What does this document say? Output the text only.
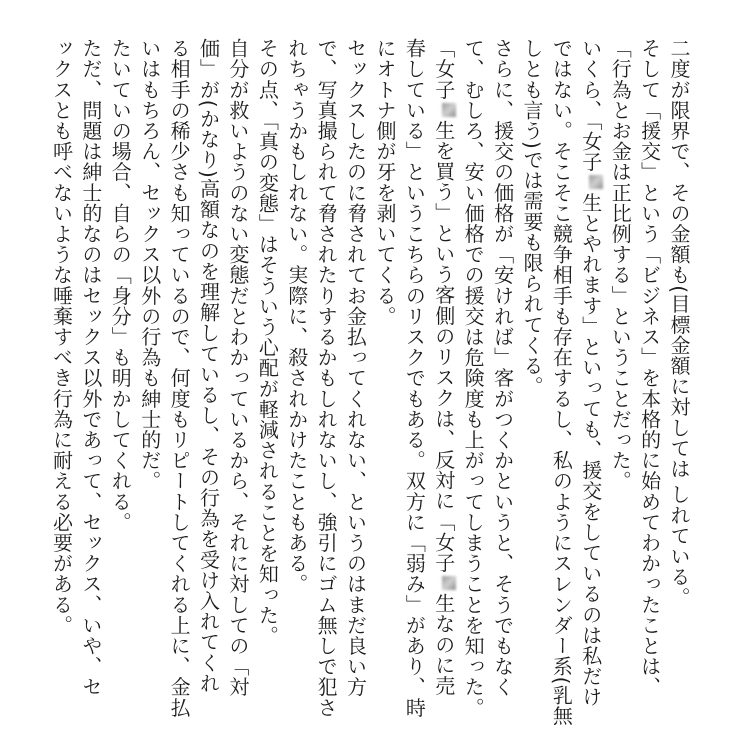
二度が限界で、その金額も(目標金額に対しては しれている。
そして「援交」という「ビジネス」を本格的に始めてわかったことは、
「行為とお金は正比例する」ということだった。
いくら、「女子生とやれます」といっても、援交をしているのは私だけ
ではない。そこそこ競争相手も存在するし、私のようにスレンダー系(乳無
しとも言う)では需要も限られてくる。
さらに、援交の価格が「安ければ」客がつくかというと、そうでもなく
て、むしろ、安い価格での援交は危険度も上がってしまうことを知った。
「女子生を買う」という客側のリスクは、反対に「女子生なのに売
春している」というこちらのリスクでもある。双方に「弱み」があり、時
にオトナ側が牙を剥いてくる。
セックスしたのに脅されてお金払ってくれない、というのはまだ良い方
で、写真撮られて脅されたりするかもしれないし、強引にゴム無しで犯さ
れちゃうかもしれない。実際に、殺されかけたこともある。
その点、「真の変態」はそういう心配が軽減されることを知った。
自分が救いようのない変態だとわかっているから、それに対しての「対
価」が(かなり)高額なのを理解しているし、その行為を受け入れてくれ
る相手の稀少さも知っているので、何度もリピートしてくれる上に、金払
いはもちろん、セックス以外の行為も紳士的だ。
たいていの場合、自らの「身分」も明かしてくれる。
ただ、問題は紳士的なのはセックス以外であって、セックス、いや、セ
ックスとも呼べないような唾棄すべき行為に耐える必要がある。
